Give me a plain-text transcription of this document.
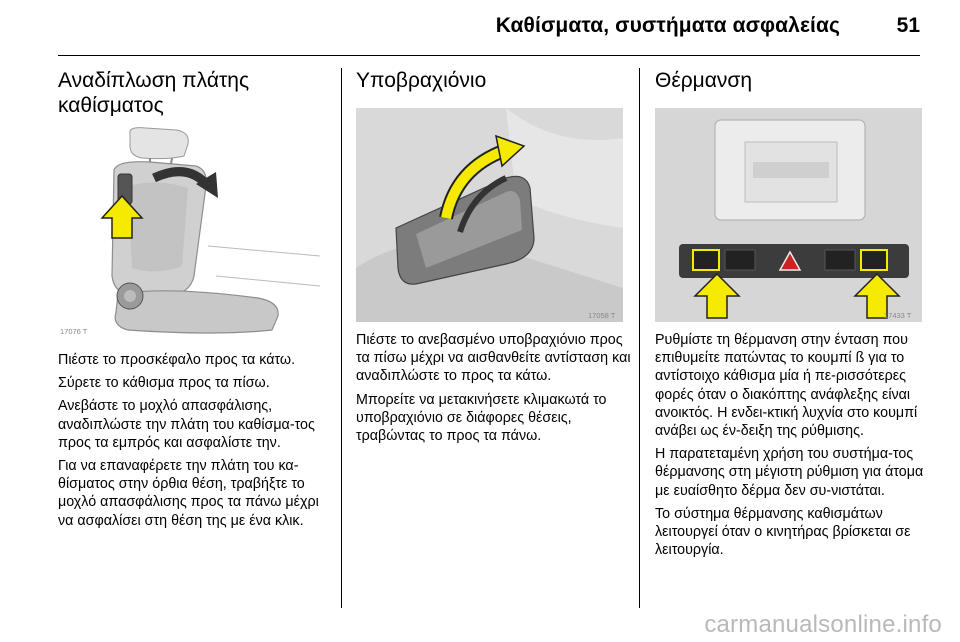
Καθίσματα, συστήματα ασφαλείας	51
Αναδίπλωση πλάτης
καθίσματος
17076 T

Πιέστε το προσκέφαλο προς τα κάτω.

Σύρετε το κάθισμα προς τα πίσω.

Ανεβάστε το μοχλό απασφάλισης, αναδιπλώστε την πλάτη του καθίσμα-τος προς τα εμπρός και ασφαλίστε την.

Για να επαναφέρετε την πλάτη του κα-θίσματος στην όρθια θέση, τραβήξτε το μοχλό απασφάλισης προς τα πάνω μέχρι να ασφαλίσει στη θέση της με ένα κλικ.

Υποβραχιόνιο
17058 T

Πιέστε το ανεβασμένο υποβραχιόνιο προς τα πίσω μέχρι να αισθανθείτε αντίσταση και αναδιπλώστε το προς τα κάτω.

Μπορείτε να μετακινήσετε κλιμακωτά το υποβραχιόνιο σε διάφορες θέσεις, τραβώντας το προς τα πάνω.

Θέρμανση
17433 T

Ρυθμίστε τη θέρμανση στην ένταση που επιθυμείτε πατώντας το κουμπί ß για το αντίστοιχο κάθισμα μία ή πε-ρισσότερες φορές όταν ο διακόπτης ανάφλεξης είναι ανοικτός. Η ενδει-κτική λυχνία στο κουμπί ανάβει ως έν-δειξη της ρύθμισης.

Η παρατεταμένη χρήση του συστήμα-τος θέρμανσης στη μέγιστη ρύθμιση για άτομα με ευαίσθητο δέρμα δεν συ-νιστάται.

Το σύστημα θέρμανσης καθισμάτων λειτουργεί όταν ο κινητήρας βρίσκεται σε λειτουργία.

carmanualsonline.info
